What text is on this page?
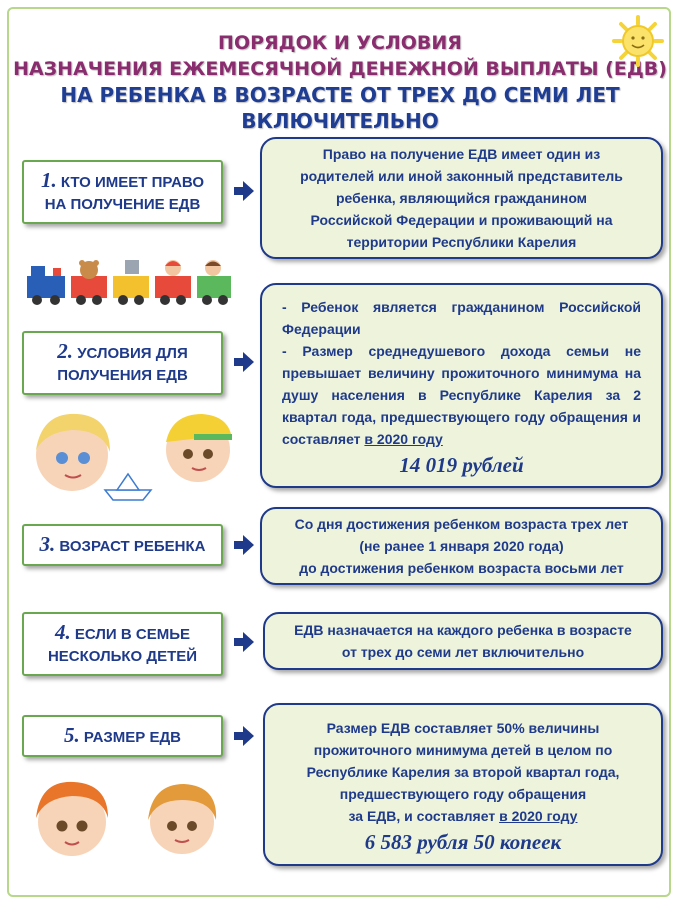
ПОРЯДОК И УСЛОВИЯ
НАЗНАЧЕНИЯ ЕЖЕМЕСЯЧНОЙ ДЕНЕЖНОЙ ВЫПЛАТЫ (ЕДВ)
НА РЕБЕНКА В ВОЗРАСТЕ ОТ ТРЕХ ДО СЕМИ ЛЕТ ВКЛЮЧИТЕЛЬНО
1. КТО ИМЕЕТ ПРАВО
НА ПОЛУЧЕНИЕ ЕДВ
Право на получение ЕДВ имеет один из
родителей или иной законный представитель
ребенка, являющийся гражданином
Российской Федерации и проживающий на
территории Республики Карелия
2. УСЛОВИЯ ДЛЯ
ПОЛУЧЕНИЯ ЕДВ
- Ребенок является гражданином Российской Федерации
- Размер среднедушевого дохода семьи не превышает величину прожиточного минимума на душу населения в Республике Карелия за 2 квартал года, предшествующего году обращения и составляет в 2020 году
14 019 рублей
3. ВОЗРАСТ РЕБЕНКА
Со дня достижения ребенком возраста трех лет
(не ранее 1 января 2020 года)
до достижения ребенком возраста восьми лет
4. ЕСЛИ В СЕМЬЕ
НЕСКОЛЬКО ДЕТЕЙ
ЕДВ назначается на каждого ребенка в возрасте
от трех до семи лет включительно
5. РАЗМЕР ЕДВ
Размер ЕДВ составляет 50% величины
прожиточного минимума детей в целом по
Республике Карелия за второй квартал года,
предшествующего году обращения
за ЕДВ, и составляет в 2020 году
6 583 рубля 50 копеек
